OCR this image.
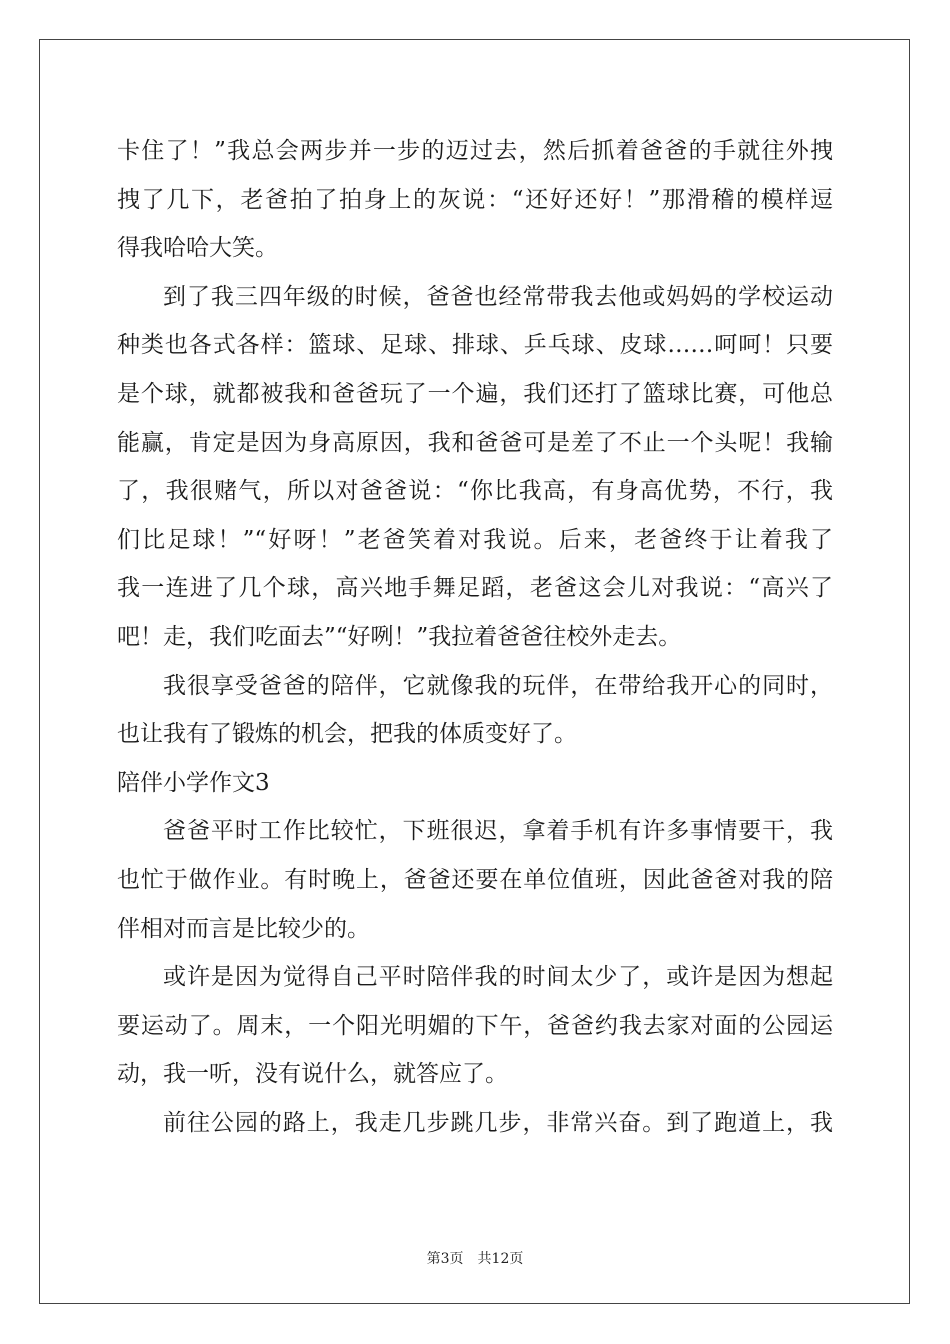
卡住了！”我总会两步并一步的迈过去，然后抓着爸爸的手就往外拽
拽了几下，老爸拍了拍身上的灰说：“还好还好！”那滑稽的模样逗
得我哈哈大笑。
到了我三四年级的时候，爸爸也经常带我去他或妈妈的学校运动
种类也各式各样：篮球、足球、排球、乒乓球、皮球……呵呵！只要
是个球，就都被我和爸爸玩了一个遍，我们还打了篮球比赛，可他总
能赢，肯定是因为身高原因，我和爸爸可是差了不止一个头呢！我输
了，我很赌气，所以对爸爸说：“你比我高，有身高优势，不行，我
们比足球！”“好呀！”老爸笑着对我说。后来，老爸终于让着我了
我一连进了几个球，高兴地手舞足蹈，老爸这会儿对我说：“高兴了
吧！走，我们吃面去”“好咧！”我拉着爸爸往校外走去。
我很享受爸爸的陪伴，它就像我的玩伴，在带给我开心的同时，
也让我有了锻炼的机会，把我的体质变好了。
陪伴小学作文3
爸爸平时工作比较忙，下班很迟，拿着手机有许多事情要干，我
也忙于做作业。有时晚上，爸爸还要在单位值班，因此爸爸对我的陪
伴相对而言是比较少的。
或许是因为觉得自己平时陪伴我的时间太少了，或许是因为想起
要运动了。周末，一个阳光明媚的下午，爸爸约我去家对面的公园运
动，我一听，没有说什么，就答应了。
前往公园的路上，我走几步跳几步，非常兴奋。到了跑道上，我
第3页 共12页
